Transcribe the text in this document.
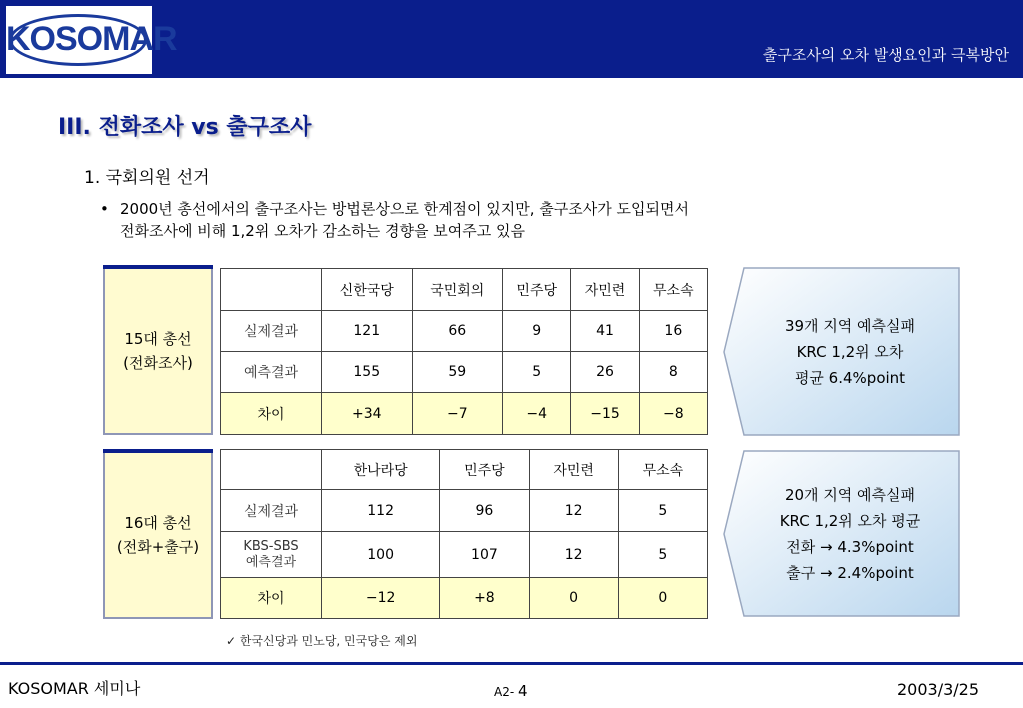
KOSOMAR	출구조사의 오차 발생요인과 극복방안
III. 전화조사 vs 출구조사
1. 국회의원 선거
• 2000년 총선에서의 출구조사는 방법론상으로 한계점이 있지만, 출구조사가 도입되면서
전화조사에 비해 1,2위 오차가 감소하는 경향을 보여주고 있음
15대 총선
(전화조사)
	신한국당	국민회의	민주당	자민련	무소속
실제결과	121	66	9	41	16
예측결과	155	59	5	26	8
차이	+34	−7	−4	−15	−8
39개 지역 예측실패
KRC 1,2위 오차
평균 6.4%point
16대 총선
(전화+출구)
	한나라당	민주당	자민련	무소속
실제결과	112	96	12	5

KBS-SBS
예측결과	100	107	12	5
차이	−12	+8	0	0
20개 지역 예측실패
KRC 1,2위 오차 평균
전화 → 4.3%point
출구 → 2.4%point
✓ 한국신당과 민노당, 민국당은 제외
KOSOMAR 세미나	A2- 4	2003/3/25
